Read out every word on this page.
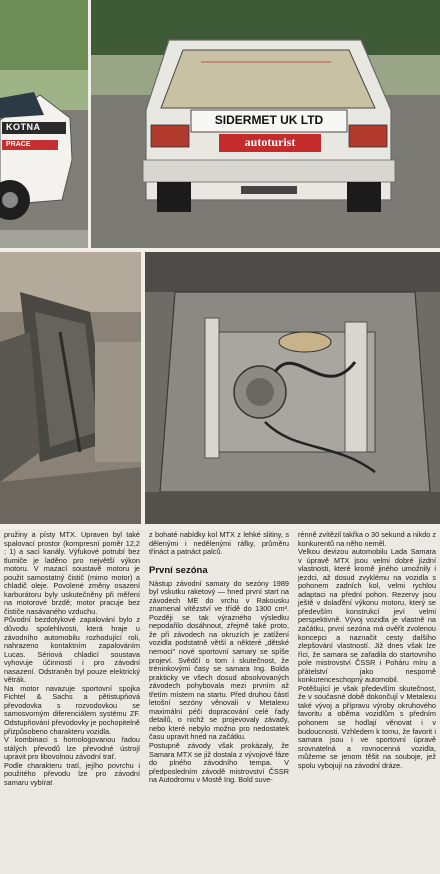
KOTNA
PRACE
SIDERMET UK LTD
autoturist

pružiny a písty MTX. Upraven byl také spalovací prostor (kompresní poměr 12,2 : 1) a sací kanály. Výfukové potrubí bez tlumiče je laděno pro největší výkon motoru. V mazací soustavě motoru je použit samostatný čistič (mimo motor) a chladič oleje. Povolené změny osazení karburátoru byly uskutečněny při měření na motorové brzdě; motor pracuje bez čističe nasávaného vzduchu.

Původní bezdotykové zapalování bylo z důvodu spolehlivosti, která hraje u závodního automobilu rozhodující roli, nahrazeno kontaktním zapalováním Lucas. Sériová chladicí soustava vyhovuje účinností i pro závodní nasazení. Odstraněn byl pouze elektrický větrák.

Na motor navazuje sportovní spojka Fichtel & Sachs a pětistupňová převodovka s rozvodovkou se samosvorným diferenciálem systému ZF. Odstupňování převodovky je pochopitelně přizpůsobeno charakteru vozidla.

V kombinaci s homologovanou řadou stálých převodů lze převodné ústrojí upravit pro libovolnou závodní trať.

Podle charakteru tratí, jejího povrchu i použitého převodu lze pro závodní samaru vybírat

z bohaté nabídky kol MTX z lehké slitiny, s dělenými i nedělenými ráfky, průměru třináct a patnáct palců.

První sezóna

Nástup závodní samary do sezóny 1989 byl vskutku raketový — hned první start na závodech ME do vrchu v Rakousku znamenal vítězství ve třídě do 1300 cm³. Později se tak výrazného výsledku nepodařilo dosáhnout, zřejmě také proto, že při závodech na okruzích je zatížení vozidla podstatně větší a některé „dětské nemoci" nové sportovní samary se spíše projeví. Svědčí o tom i skutečnost, že tréninkovými časy se samara Ing. Bolda prakticky ve všech dosud absolvovaných závodech pohybovala mezi prvním až třetím místem na startu. Před druhou částí letošní sezóny věnovali v Metalexu maximální péči dopracování celé řady detailů, o nichž se projevovaly závady, nebo které nebylo možno pro nedostatek času upravit hned na začátku.

Postupně závody však prokázaly, že Samara MTX se již dostala z vývojové fáze do plného závodního tempa. V předposledním závodě mistrovství ČSSR na Autodromu v Mostě Ing. Bold suve-

rénně zvítězil takřka o 30 sekund a nikdo z konkurentů na něho neměl.

Velkou devizou automobilu Lada Samara v úpravě MTX jsou velmi dobré jízdní vlastnosti, které kromě jiného umožnily i jezdci, až dosud zvyklému na vozidla s pohonem zadních kol, velmi rychlou adaptaci na přední pohon. Rezervy jsou ještě v dolaďění výkonu motoru, který se především konstrukcí jeví velmi perspektivně. Vývoj vozidla je vlastně na začátku, první sezóna má ověřit zvolenou koncepci a naznačit cesty dalšího zlepšování vlastností. Již dnes však lze říci, že samara se zařadila do startovního pole mistrovství ČSSR i Poháru míru a přátelství jako nesporně konkurenceschopný automobil.

Potěšující je však především skutečnost, že v současné době dokončují v Metalexu také vývoj a přípravu výroby okruhového favoritu a oběma vozidlům s předním pohonem se hodlají věnovat i v budoucnosti. Vzhledem k tomu, že favorit i samara jsou i ve sportovní úpravě srovnatelná a rovnocenná vozidla, můžeme se jenom těšit na souboje, jež spolu vybojují na závodní dráze.
